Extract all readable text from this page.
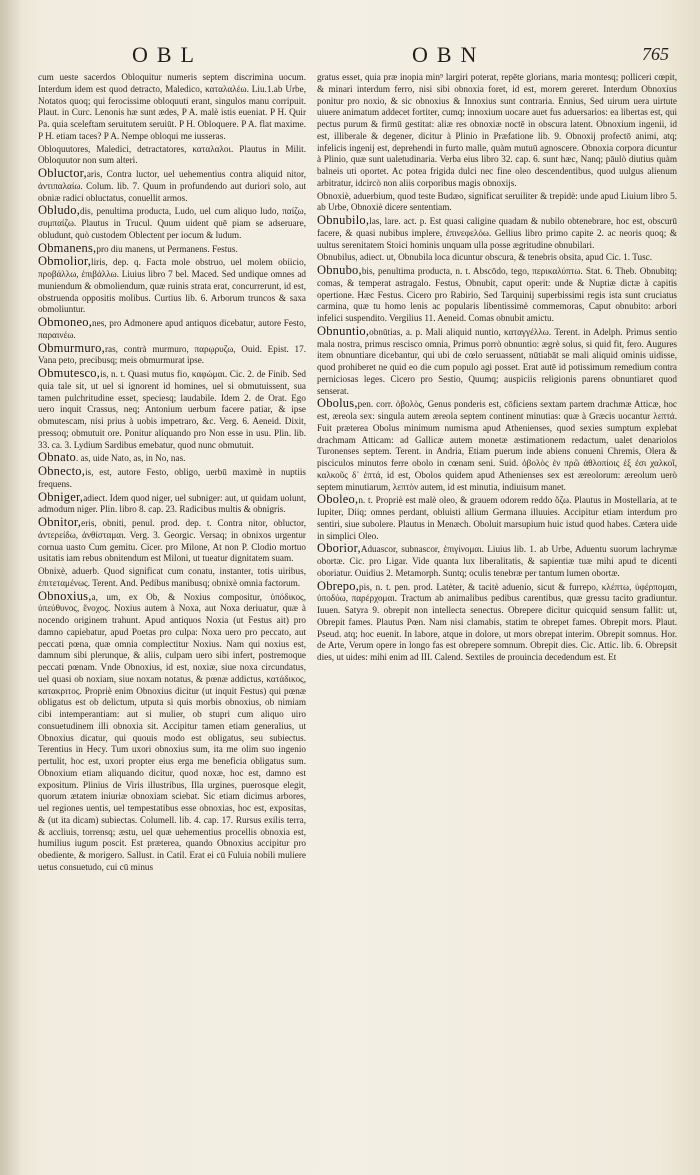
OBL	OBN	765

cum ueste sacerdos Obloquitur numeris septem discrimina uocum. Interdum idem est quod detracto, Maledico, καταλαλέω. Liu.1.ab Urbe, Notatos quoq; qui ferocissime obloquuti erant, singulos manu corripuit. Plaut. in Curc. Lenonis hæ sunt ædes, P A. malè istis eueniat. P H. Quir Pa. quia sceleftam seruitutem seruiūt. P H. Obloquere. P A. flat maxime. P H. etiam taces? P A. Nempe obloqui me iusseras.

Obloquutores, Maledici, detractatores, καταλαλοι. Plautus in Milit. Obloquutor non sum alteri.

Obluctor,aris, Contra luctor, uel uehementius contra aliquid nitor, ἀντιπαλαίω. Colum. lib. 7. Quum in profundendo aut duriori solo, aut obniæ radici obluctatus, conuellit armos.

Obludo,dis, penultima producta, Ludo, uel cum aliquo ludo, παίζω, συμπαίζω. Plautus in Trucul. Quum uident quē piam se adseruare, obludunt, quò custodem Oblectent per iocum & ludum.

Obmanens,pro diu manens, ut Permanens. Festus.

Obmolior,liris, dep. q. Facta mole obstruo, uel molem obiicio, προβάλλω, ἐπιβάλλω. Liuius libro 7 bel. Maced. Sed undique omnes ad muniendum & obmoliendum, quæ ruinis strata erat, concurrerunt, id est, obstruenda oppositis molibus. Curtius lib. 6. Arborum truncos & saxa obmoliuntur.

Obmoneo,nes, pro Admonere apud antiquos dicebatur, autore Festo, παραινέω.

Obmurmuro,ras, contrà murmuro, παρῳρυζω, Ouid. Epist. 17. Vana peto, precibusq; meis obmurmurat ipse.

Obmutesco,is, n. t. Quasi mutus fio, καφώμαι. Cic. 2. de Finib. Sed quia tale sit, ut uel si ignorent id homines, uel si obmutuissent, sua tamen pulchritudine esset, speciesq; laudabile. Idem 2. de Orat. Ego uero inquit Crassus, neq; Antonium uerbum facere patiar, & ipse obmutescam, nisi prius à uobis impetraro, &c. Verg. 6. Aeneid. Dixit, pressoq; obmutuit ore. Ponitur aliquando pro Non esse in usu. Plin. lib. 33. ca. 3. Lydium Sardibus emebatur, quod nunc obmutuit.

Obnato. as, uide Nato, as, in No, nas.

Obnecto,is, est, autore Festo, obligo, uerbū maximè in nuptiis frequens.

Obniger,adiect. Idem quod niger, uel subniger: aut, ut quidam uolunt, admodum niger. Plin. libro 8. cap. 23. Radicibus multis & obnigris.

Obnitor,eris, obniti, penul. prod. dep. t. Contra nitor, obluctor, ἀντερείδω, ἀνθίσταμαι. Verg. 3. Georgic. Versaq; in obnixos urgentur cornua uasto Cum gemitu. Cicer. pro Milone, At non P. Clodio mortuo usitatis iam rebus obnitendum est Miloni, ut tueatur dignitatem suam.

Obnixè, aduerb. Quod significat cum conatu, instanter, totis uiribus, ἐπιτεταμένως. Terent. And. Pedibus manibusq; obnixè omnia factorum.

Obnoxius,a, um, ex Ob, & Noxius compositur, ὑπόδικος, ὑπεύθυνος, ἔνοχος. Noxius autem à Noxa, aut Noxa deriuatur, quæ à nocendo originem trahunt. Apud antiquos Noxia (ut Festus ait) pro damno capiebatur, apud Poetas pro culpa: Noxa uero pro peccato, aut peccati pœna, quæ omnia complectitur Noxius. Nam qui noxius est, damnum sibi plerunque, & aliis, culpam uero sibi infert, postremoque peccati pœnam. Vnde Obnoxius, id est, noxiæ, siue noxa circundatus, uel quasi ob noxiam, siue noxam notatus, & pœnæ addictus, κατάδικος, κατακριτος. Propriè enim Obnoxius dicitur (ut inquit Festus) qui pœnæ obligatus est ob delictum, utputa si quis morbis obnoxius, ob nimiam cibi intemperantiam: aut si mulier, ob stupri cum aliquo uiro consuetudinem illi obnoxia sit. Accipitur tamen etiam generalius, ut Obnoxius dicatur, qui quouis modo est obligatus, seu subiectus. Terentius in Hecy. Tum uxori obnoxius sum, ita me olim suo ingenio pertulit, hoc est, uxori propter eius erga me beneficia obligatus sum. Obnoxium etiam aliquando dicitur, quod noxæ, hoc est, damno est expositum. Plinius de Viris illustribus, Illa urgines, puerosque elegit, quorum ætatem iniuriæ obnoxiam sciebat. Sic etiam dicimus arbores, uel regiones uentis, uel tempestatibus esse obnoxias, hoc est, expositas, & (ut ita dicam) subiectas. Columell. lib. 4. cap. 17. Rursus exilis terra, & accliuis, torrensq; æstu, uel quæ uehementius procellis obnoxia est, humilius iugum poscit. Est præterea, quando Obnoxius accipitur pro obediente, & morigero. Sallust. in Catil. Erat ei cū Fuluia nobili muliere uetus consuetudo, cui cū minus

gratus esset, quia præ inopia min⁹ largiri poterat, repēte glorians, maria montesq; polliceri cœpit, & minari interdum ferro, nisi sibi obnoxia foret, id est, morem gereret. Interdum Obnoxius ponitur pro noxio, & sic obnoxius & Innoxius sunt contraria. Ennius, Sed uirum uera uirtute uiuere animatum addecet fortiter, cumq; innoxium uocare auet fus aduersarios: ea libertas est, qui pectus purum & firmū gestitat: aliæ res obnoxiæ noctē in obscura latent. Obnoxium ingenii, id est, illiberale & degener, dicitur à Plinio in Præfatione lib. 9. Obnoxij profectō animi, atq; infelicis ingenij est, deprehendi in furto malle, quàm mutuū agnoscere. Obnoxia corpora dicuntur à Plinio, quæ sunt ualetudinaria. Verba eius libro 32. cap. 6. sunt hæc, Nanq; pāulò diutius quàm balneis uti oportet. Ac potea frigida dulci nec fine oleo descendentibus, quod uulgus alienum arbitratur, idcircò non aliis corporibus magis obnoxijs.

Obnoxiè, aduerbium, quod teste Budæo, significat seruiliter & trepidè: unde apud Liuium libro 5. ab Urbe, Obnoxiè dicere sententiam.

Obnubilo,las, lare. act. p. Est quasi caligine quadam & nubilo obtenebrare, hoc est, obscurū facere, & quasi nubibus implere, ἐπινεφελόω. Gellius libro primo capite 2. ac neoris quoq; & uultus serenitatem Stoici hominis unquam ulla posse ægritudine obnubilari.

Obnubilus, adiect. ut, Obnubila loca dicuntur obscura, & tenebris obsita, apud Cic. 1. Tusc.

Obnubo,bis, penultima producta, n. t. Abscōdo, tego, περικαλύπτω. Stat. 6. Theb. Obnubitq; comas, & temperat astragalo. Festus, Obnubit, caput operit: unde & Nuptiæ dictæ à capitis opertione. Hæc Festus. Cicero pro Rabirio, Sed Tarquinij superbissimi regis ista sunt cruciatus carmina, quæ tu homo lenis ac popularis libentissimè commemoras, Caput obnubito: arbori infelici suspendito. Vergilius 11. Aeneid. Comas obnubit amictu.

Obnuntio,obnūtias, a. p. Mali aliquid nuntio, καταγγέλλω. Terent. in Adelph. Primus sentio mala nostra, primus rescisco omnia, Primus porrò obnuntio: ægrè solus, si quid fit, fero. Augures item obnuntiare dicebantur, qui ubi de cœlo seruassent, nūtiabāt se mali aliquid ominis uidisse, quod prohiberet ne quid eo die cum populo agi posset. Erat autē id potissimum remedium contra perniciosas leges. Cicero pro Sestio, Quumq; auspiciis religionis parens obnuntiaret quod senserat.

Obolus,pen. corr. ὀβολὸς, Genus ponderis est, cōficiens sextam partem drachmæ Atticæ, hoc est, æreola sex: singula autem æreola septem continent minutias: quæ à Græcis uocantur λεπτά. Fuit præterea Obolus minimum numisma apud Athenienses, quod sexies sumptum explebat drachmam Atticam: ad Gallicæ autem monetæ æstimationem redactum, ualet denariolos Turonenses septem. Terent. in Andria, Etiam puerum inde abiens conueni Chremis, Olera & pisciculos minutos ferre obolo in cœnam seni. Suid. ὀβολὸς ἐν πρῶ ἀθλοπίοις ἑξ ἐσι χαλκοῖ, καλκοῦς δ᾽ ἑπτά, id est, Obolos quidem apud Athenienses sex est æreolorum: æreolum uerò septem minutiarum, λεπτὸν autem, id est minutia, indiuisum manet.

Oboleo,n. t. Propriè est malè oleo, & grauem odorem reddo ὄζω. Plautus in Mostellaria, at te Iupiter, Diiq; omnes perdant, obluisti allium Germana illuuies. Accipitur etiam interdum pro sentiri, siue subolere. Plautus in Menæch. Oboluit marsupium huic istud quod habes. Cætera uide in simplici Oleo.

Oborior,Aduascor, subnascor, ἐπιγίνομαι. Liuius lib. 1. ab Urbe, Aduentu suorum lachrymæ obortæ. Cic. pro Ligar. Vide quanta lux liberalitatis, & sapientiæ tuæ mihi apud te dicenti oboriatur. Ouidius 2. Metamorph. Suntq; oculis tenebræ per tantum lumen obortæ.

Obrepo,pis, n. t. pen. prod. Latèter, & tacitè aduenio, sicut & furrepo, κλέπτω, ὑφέρπομαι, ὑποδύω, παρέρχομαι. Tractum ab animalibus pedibus carentibus, quæ gressu tacito gradiuntur. Iuuen. Satyra 9. obrepit non intellecta senectus. Obrepere dicitur quicquid sensum fallit: ut, Obrepit fames. Plautus Pœn. Nam nisi clamabis, statim te obrepet fames. Obrepit mors. Plaut. Pseud. atq; hoc euenit. In labore, atque in dolore, ut mors obrepat interim. Obrepit somnus. Hor. de Arte, Verum opere in longo fas est obrepere somnum. Obrepit dies. Cic. Attic. lib. 6. Obrepsit dies, ut uides: mihi enim ad III. Calend. Sextiles de prouincia decedendum est. Et
